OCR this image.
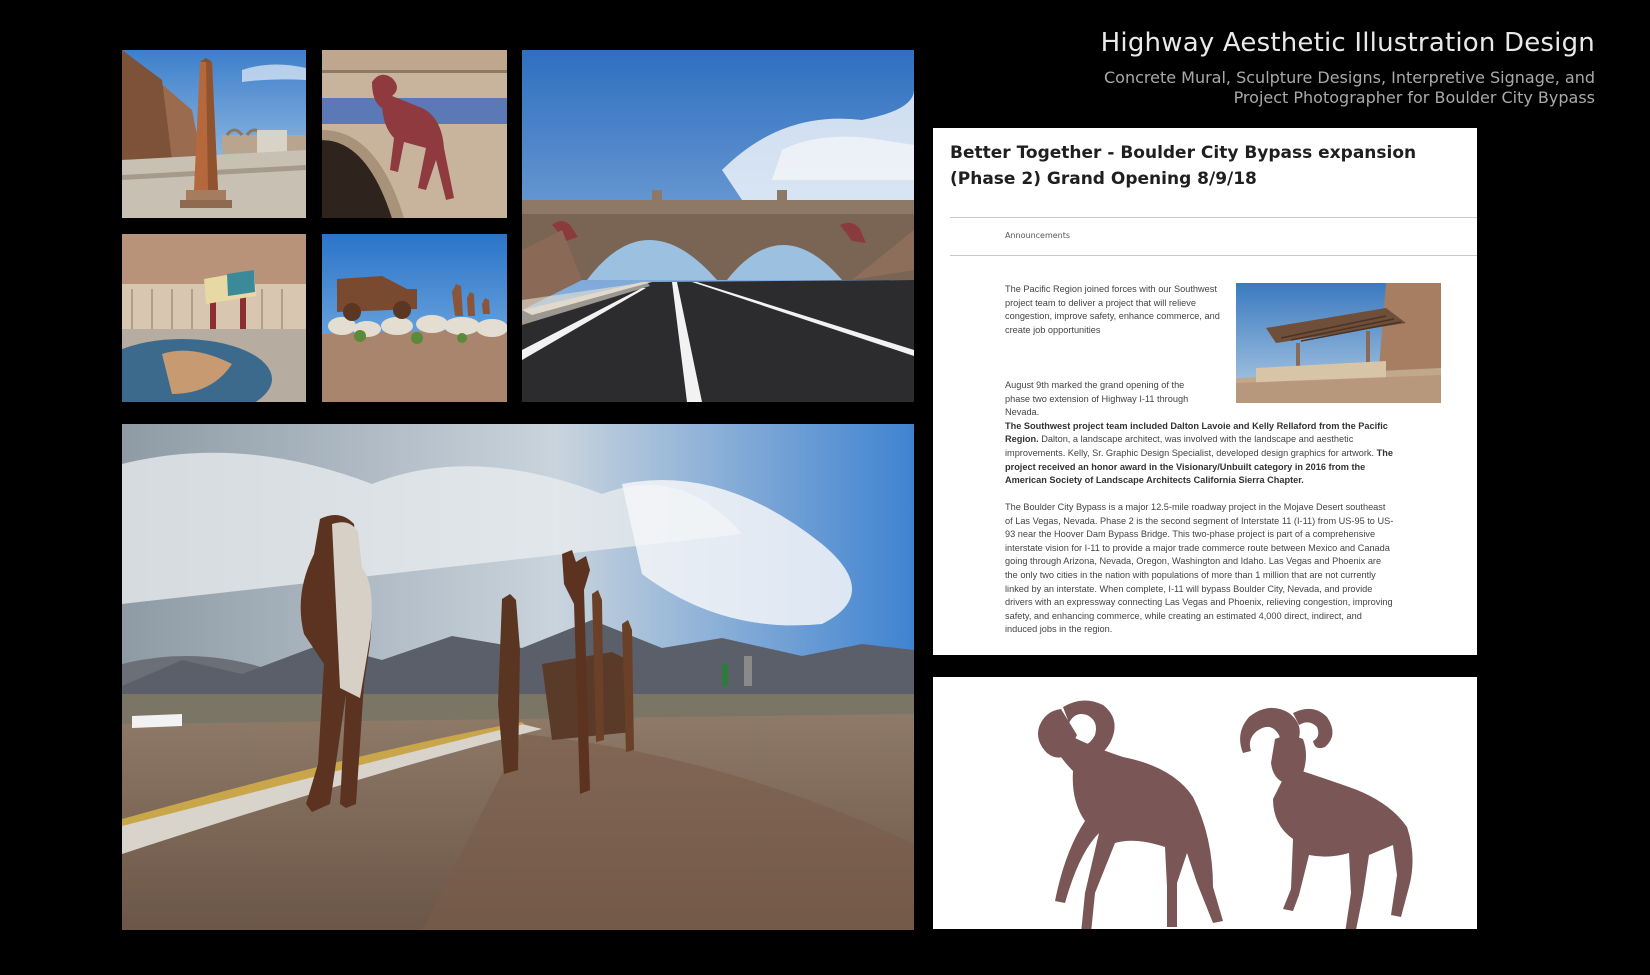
Highway Aesthetic Illustration Design
Concrete Mural, Sculpture Designs, Interpretive Signage, and
Project Photographer for Boulder City Bypass
Better Together - Boulder City Bypass expansion (Phase 2) Grand Opening 8/9/18
Announcements
The Pacific Region joined forces with our Southwest project team to deliver a project that will relieve congestion, improve safety, enhance commerce, and create job opportunities
August 9th marked the grand opening of the phase two extension of Highway I-11 through Nevada.
The Southwest project team included Dalton Lavoie and Kelly Rellaford from the Pacific Region. Dalton, a landscape architect, was involved with the landscape and aesthetic improvements. Kelly, Sr. Graphic Design Specialist, developed design graphics for artwork. The project received an honor award in the Visionary/Unbuilt category in 2016 from the American Society of Landscape Architects California Sierra Chapter.
The Boulder City Bypass is a major 12.5-mile roadway project in the Mojave Desert southeast of Las Vegas, Nevada. Phase 2 is the second segment of Interstate 11 (I-11) from US-95 to US-93 near the Hoover Dam Bypass Bridge. This two-phase project is part of a comprehensive interstate vision for I-11 to provide a major trade commerce route between Mexico and Canada going through Arizona, Nevada, Oregon, Washington and Idaho. Las Vegas and Phoenix are the only two cities in the nation with populations of more than 1 million that are not currently linked by an interstate. When complete, I-11 will bypass Boulder City, Nevada, and provide drivers with an expressway connecting Las Vegas and Phoenix, relieving congestion, improving safety, and enhancing commerce, while creating an estimated 4,000 direct, indirect, and induced jobs in the region.
